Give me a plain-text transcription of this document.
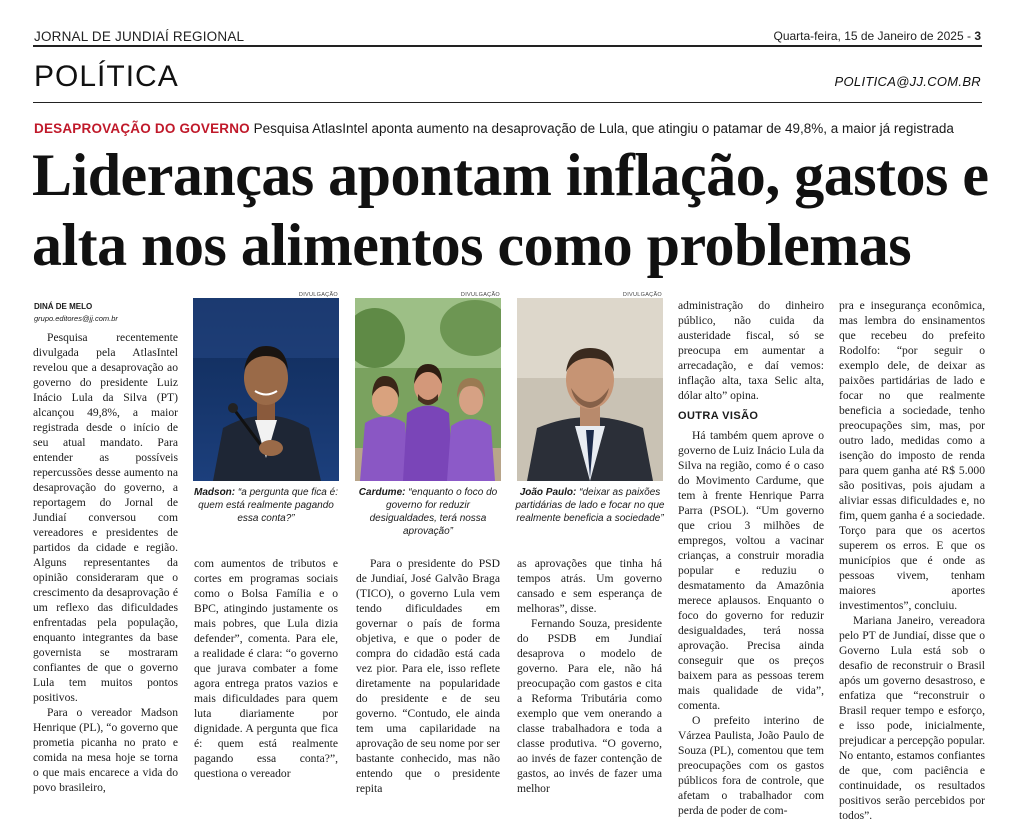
JORNAL DE JUNDIAÍ REGIONAL	Quarta-feira, 15 de Janeiro de 2025 - 3
POLÍTICA	POLITICA@JJ.COM.BR
DESAPROVAÇÃO DO GOVERNO Pesquisa AtlasIntel aponta aumento na desaprovação de Lula, que atingiu o patamar de 49,8%, a maior já registrada
Lideranças apontam inflação, gastos e alta nos alimentos como problemas
DINÁ DE MELO
grupo.editores@jj.com.br
DIVULGAÇÃO
Madson: “a pergunta que fica é: quem está realmente pagando essa conta?”
DIVULGAÇÃO
Cardume: “enquanto o foco do governo for reduzir desigualdades, terá nossa aprovação”
DIVULGAÇÃO
João Paulo: “deixar as paixões partidárias de lado e focar no que realmente beneficia a sociedade”

Pesquisa recentemente divulgada pela AtlasIntel revelou que a desaprovação ao governo do presidente Luiz Inácio Lula da Silva (PT) alcançou 49,8%, a maior registrada desde o início de seu atual mandato. Para entender as possíveis repercussões desse aumento na desaprovação do governo, a reportagem do Jornal de Jundiaí conversou com vereadores e presidentes de partidos da cidade e região. Alguns representantes da opinião consideraram que o crescimento da desaprovação é um reflexo das dificuldades enfrentadas pela população, enquanto integrantes da base governista se mostraram confiantes de que o governo Lula tem muitos pontos positivos.

Para o vereador Madson Henrique (PL), “o governo que prometia picanha no prato e comida na mesa hoje se torna o que mais encarece a vida do povo brasileiro,

com aumentos de tributos e cortes em programas sociais como o Bolsa Família e o BPC, atingindo justamente os mais pobres, que Lula dizia defender”, comenta. Para ele, a realidade é clara: “o governo que jurava combater a fome agora entrega pratos vazios e mais dificuldades para quem luta diariamente por dignidade. A pergunta que fica é: quem está realmente pagando essa conta?”, questiona o vereador

Para o presidente do PSD de Jundiaí, José Galvão Braga (TICO), o governo Lula vem tendo dificuldades em governar o país de forma objetiva, e que o poder de compra do cidadão está cada vez pior. Para ele, isso reflete diretamente na popularidade do presidente e de seu governo. “Contudo, ele ainda tem uma capilaridade na aprovação de seu nome por ser bastante conhecido, mas não entendo que o presidente repita

as aprovações que tinha há tempos atrás. Um governo cansado e sem esperança de melhoras”, disse.

Fernando Souza, presidente do PSDB em Jundiaí desaprova o modelo de governo. Para ele, não há preocupação com gastos e cita a Reforma Tributária como exemplo que vem onerando a classe trabalhadora e toda a classe produtiva. “O governo, ao invés de fazer contenção de gastos, ao invés de fazer uma melhor

administração do dinheiro público, não cuida da austeridade fiscal, só se preocupa em aumentar a arrecadação, e daí vemos: inflação alta, taxa Selic alta, dólar alto” opina.

OUTRA VISÃO

Há também quem aprove o governo de Luiz Inácio Lula da Silva na região, como é o caso do Movimento Cardume, que tem à frente Henrique Parra Parra (PSOL). “Um governo que criou 3 milhões de empregos, voltou a vacinar crianças, a construir moradia popular e reduziu o desmatamento da Amazônia merece aplausos. Enquanto o foco do governo for reduzir desigualdades, terá nossa aprovação. Precisa ainda conseguir que os preços baixem para as pessoas terem mais qualidade de vida”, comenta.

O prefeito interino de Várzea Paulista, João Paulo de Souza (PL), comentou que tem preocupações com os gastos públicos fora de controle, que afetam o trabalhador com perda de poder de com-

pra e insegurança econômica, mas lembra do ensinamentos que recebeu do prefeito Rodolfo: “por seguir o exemplo dele, de deixar as paixões partidárias de lado e focar no que realmente beneficia a sociedade, tenho preocupações sim, mas, por outro lado, medidas como a isenção do imposto de renda para quem ganha até R$ 5.000 são positivas, pois ajudam a aliviar essas dificuldades e, no fim, quem ganha é a sociedade. Torço para que os acertos superem os erros. E que os municípios que é onde as pessoas vivem, tenham maiores aportes investimentos”, concluiu.

Mariana Janeiro, vereadora pelo PT de Jundiaí, disse que o Governo Lula está sob o desafio de reconstruir o Brasil após um governo desastroso, e enfatiza que “reconstruir o Brasil requer tempo e esforço, e isso pode, inicialmente, prejudicar a percepção popular. No entanto, estamos confiantes de que, com paciência e continuidade, os resultados positivos serão percebidos por todos”.
